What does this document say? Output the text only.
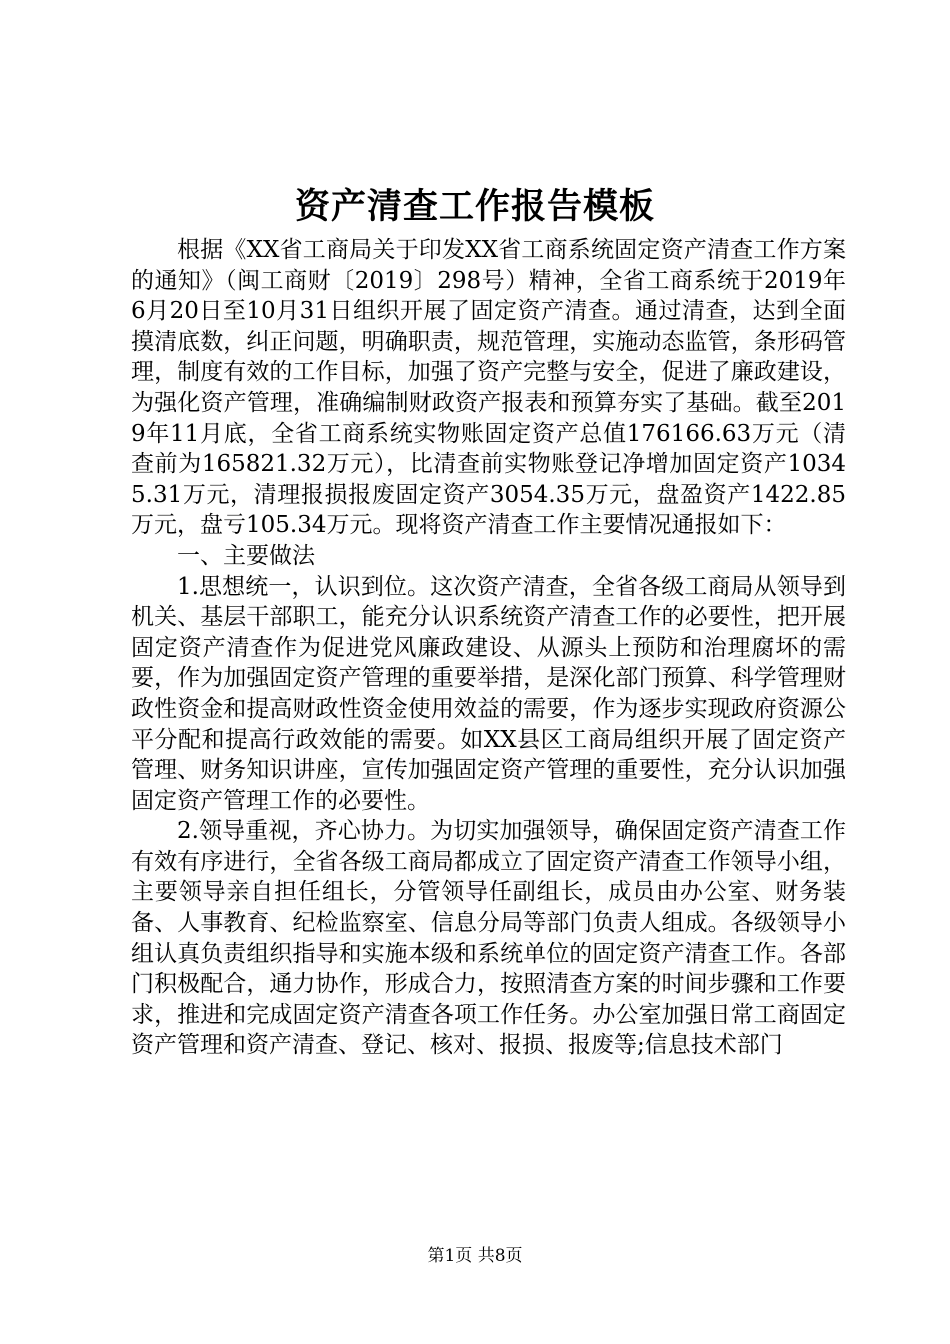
资产清查工作报告模板

根据《XX省工商局关于印发XX省工商系统固定资产清查工作方案的通知》（闽工商财〔2019〕298号）精神，全省工商系统于2019年6月20日至10月31日组织开展了固定资产清查。通过清查，达到全面摸清底数，纠正问题，明确职责，规范管理，实施动态监管，条形码管理，制度有效的工作目标，加强了资产完整与安全，促进了廉政建设，为强化资产管理，准确编制财政资产报表和预算夯实了基础。截至2019年11月底，全省工商系统实物账固定资产总值176166.63万元（清查前为165821.32万元），比清查前实物账登记净增加固定资产10345.31万元，清理报损报废固定资产3054.35万元，盘盈资产1422.85万元，盘亏105.34万元。现将资产清查工作主要情况通报如下：

一、主要做法

1.思想统一，认识到位。这次资产清查，全省各级工商局从领导到机关、基层干部职工，能充分认识系统资产清查工作的必要性，把开展固定资产清查作为促进党风廉政建设、从源头上预防和治理腐坏的需要，作为加强固定资产管理的重要举措，是深化部门预算、科学管理财政性资金和提高财政性资金使用效益的需要，作为逐步实现政府资源公平分配和提高行政效能的需要。如XX县区工商局组织开展了固定资产管理、财务知识讲座，宣传加强固定资产管理的重要性，充分认识加强固定资产管理工作的必要性。

2.领导重视，齐心协力。为切实加强领导，确保固定资产清查工作有效有序进行，全省各级工商局都成立了固定资产清查工作领导小组，主要领导亲自担任组长，分管领导任副组长，成员由办公室、财务装备、人事教育、纪检监察室、信息分局等部门负责人组成。各级领导小组认真负责组织指导和实施本级和系统单位的固定资产清查工作。各部门积极配合，通力协作，形成合力，按照清查方案的时间步骤和工作要求，推进和完成固定资产清查各项工作任务。办公室加强日常工商固定资产管理和资产清查、登记、核对、报损、报废等;信息技术部门

第1页 共8页
